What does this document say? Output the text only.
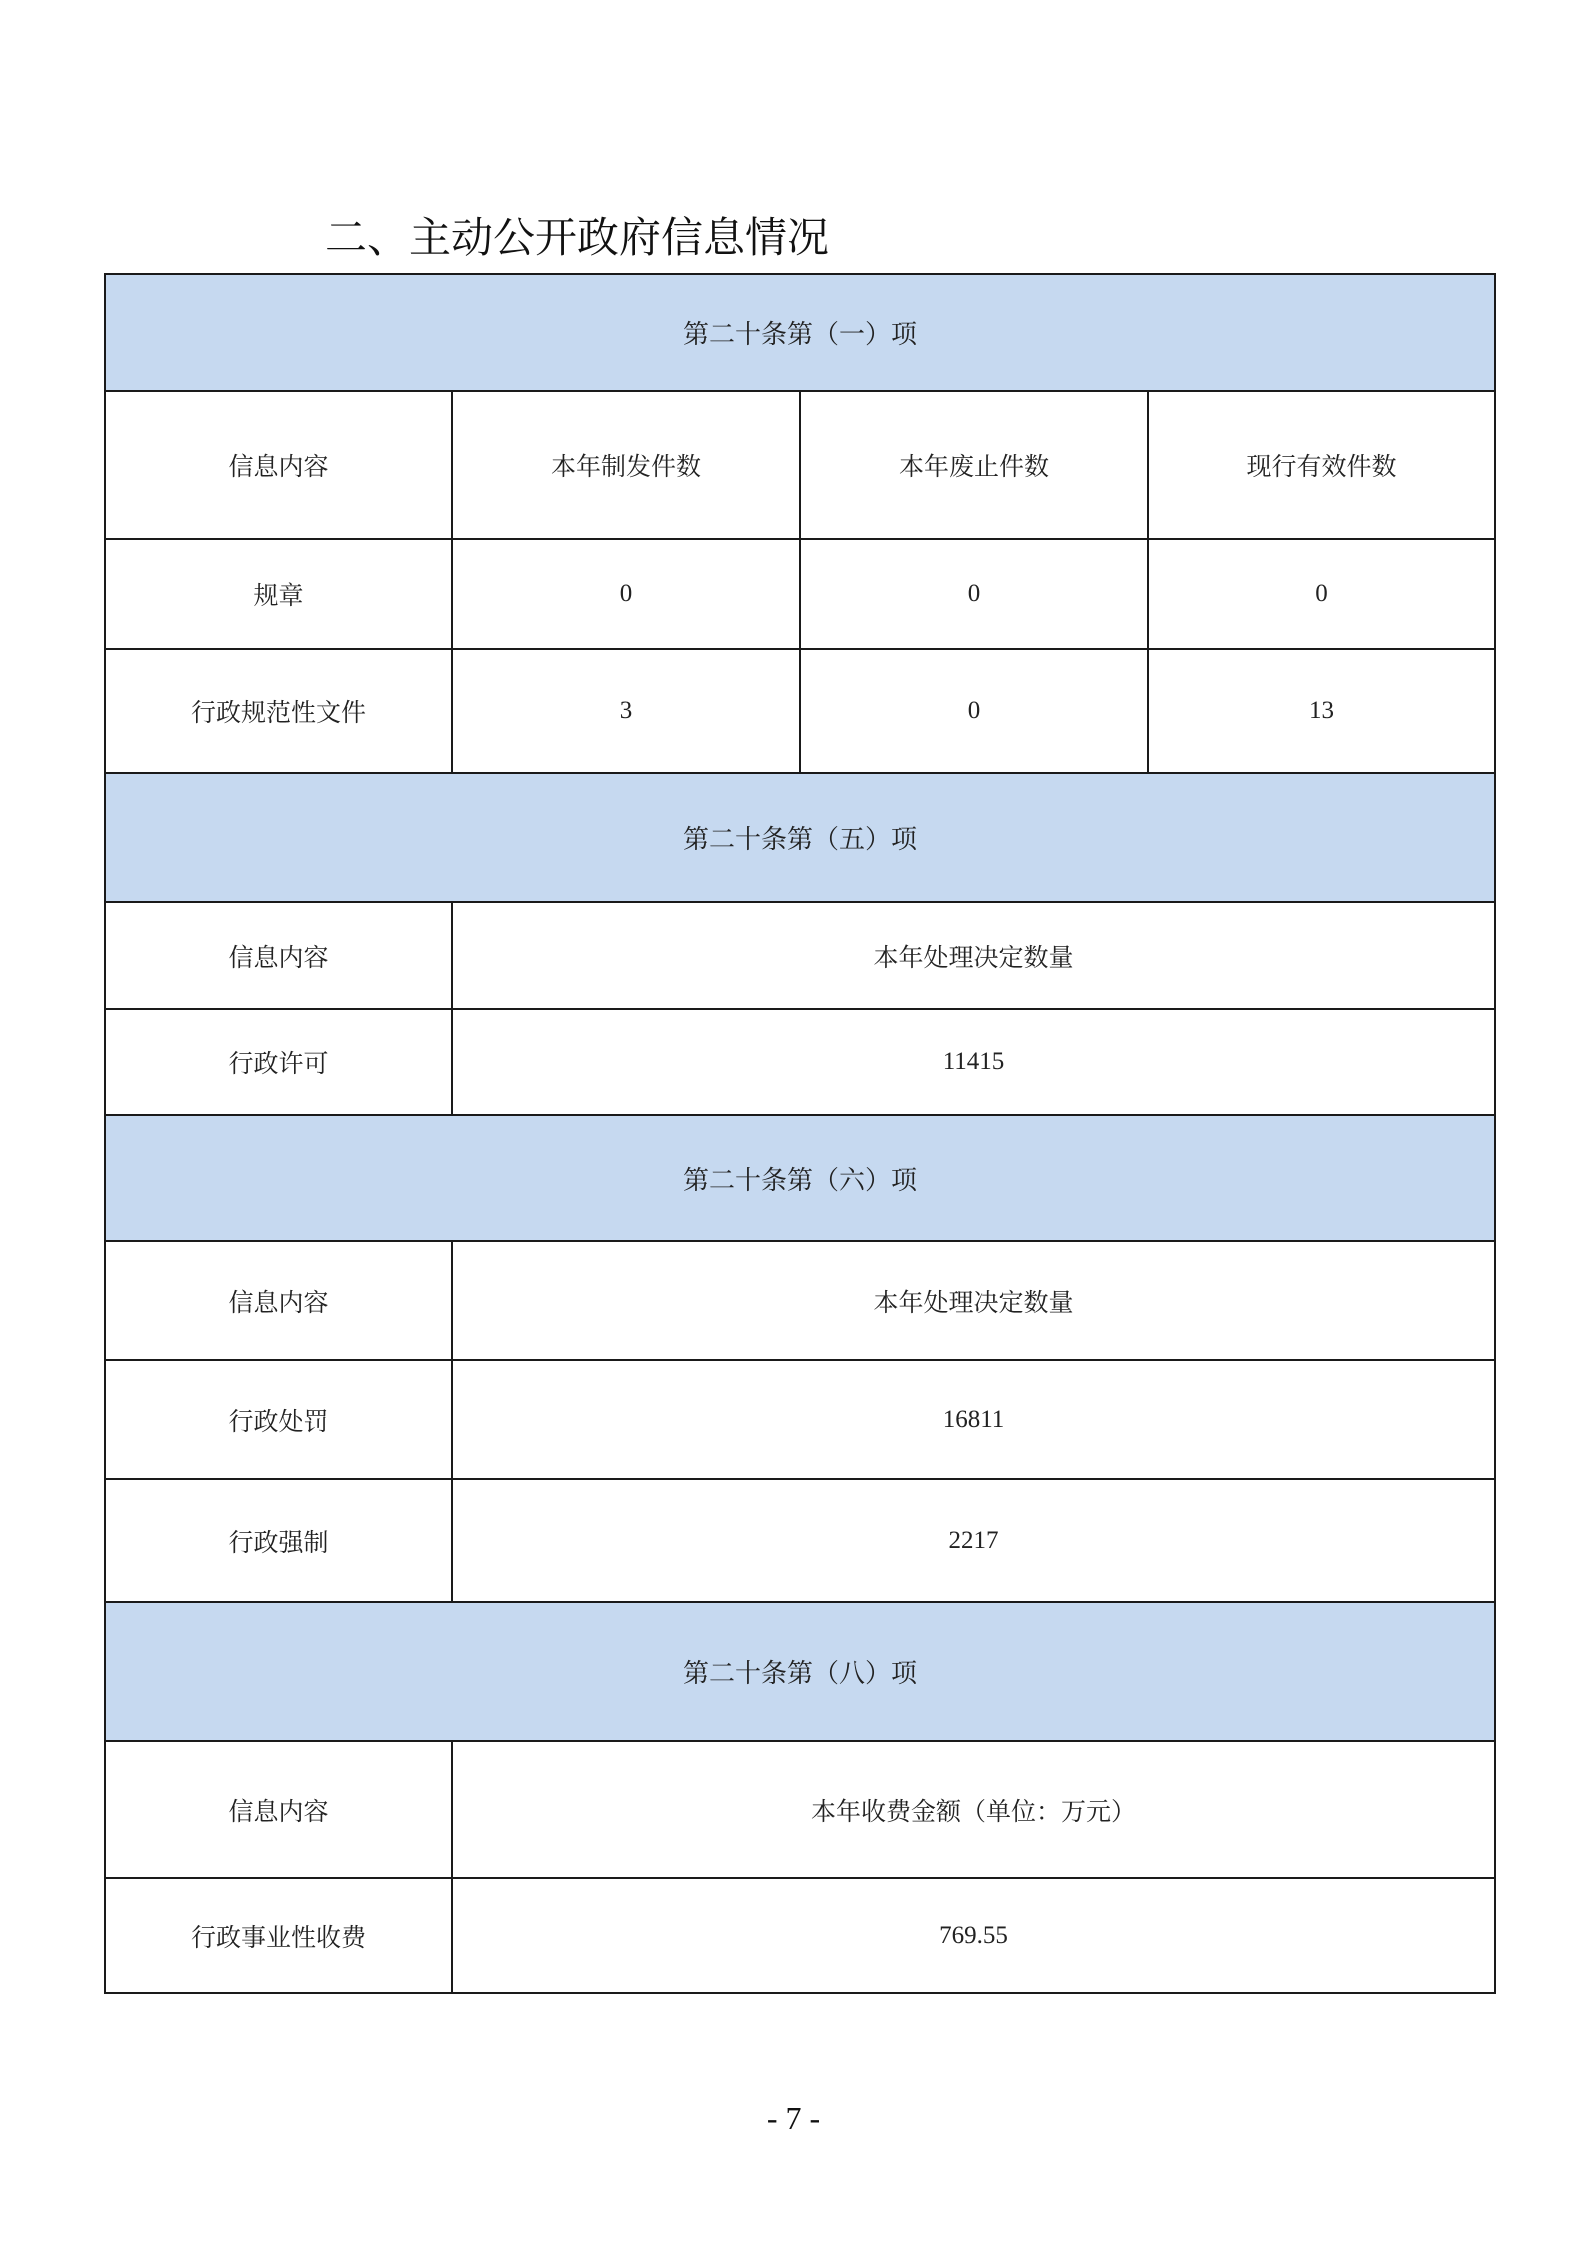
二、主动公开政府信息情况
第二十条第（一）项			
信息内容	本年制发件数	本年废止件数	现行有效件数
规章	0	0	0
行政规范性文件	3	0	13
第二十条第（五）项			
信息内容	本年处理决定数量		
行政许可	11415		
第二十条第（六）项			
信息内容	本年处理决定数量		
行政处罚	16811		
行政强制	2217		
第二十条第（八）项			
信息内容	本年收费金额（单位：万元）		
行政事业性收费	769.55		
- 7 -
